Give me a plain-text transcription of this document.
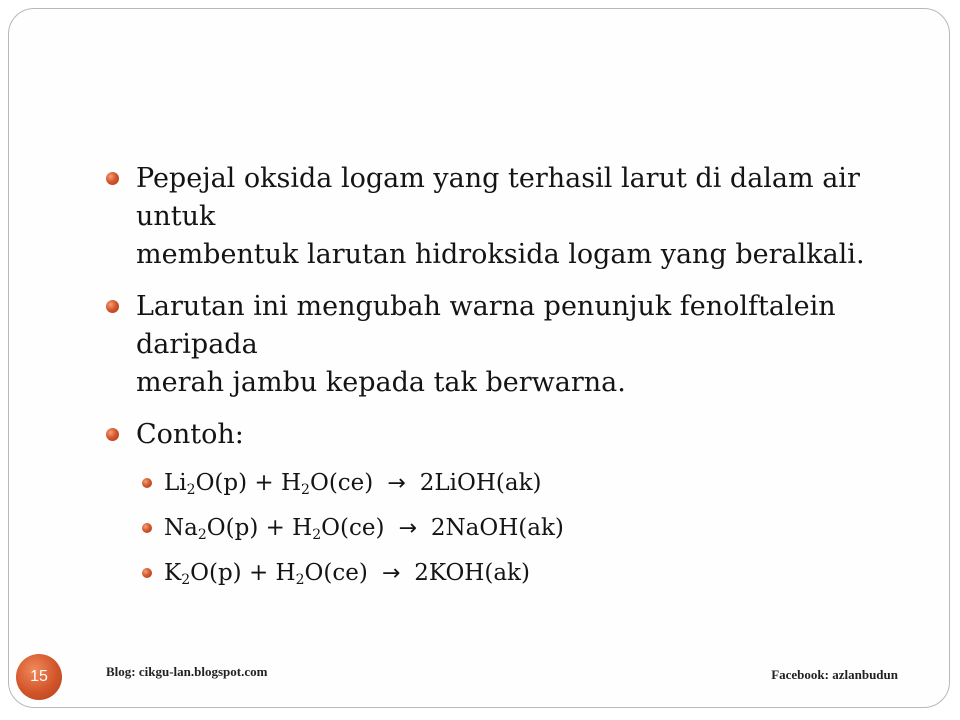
Pepejal oksida logam yang terhasil larut di dalam air untuk
membentuk larutan hidroksida logam yang beralkali.
Larutan ini mengubah warna penunjuk fenolftalein daripada
merah jambu kepada tak berwarna.
Contoh:
$Li_2O(p) + H_2O(ce)$ → 2LiOH(ak)
$Na_2O(p) + H_2O(ce)$ → 2NaOH(ak)
$K_2O(p) + H_2O(ce) \to 2KOH(ak)$
15	Blog: cikgu-lan.blogspot.com	Facebook: azlanbudun
